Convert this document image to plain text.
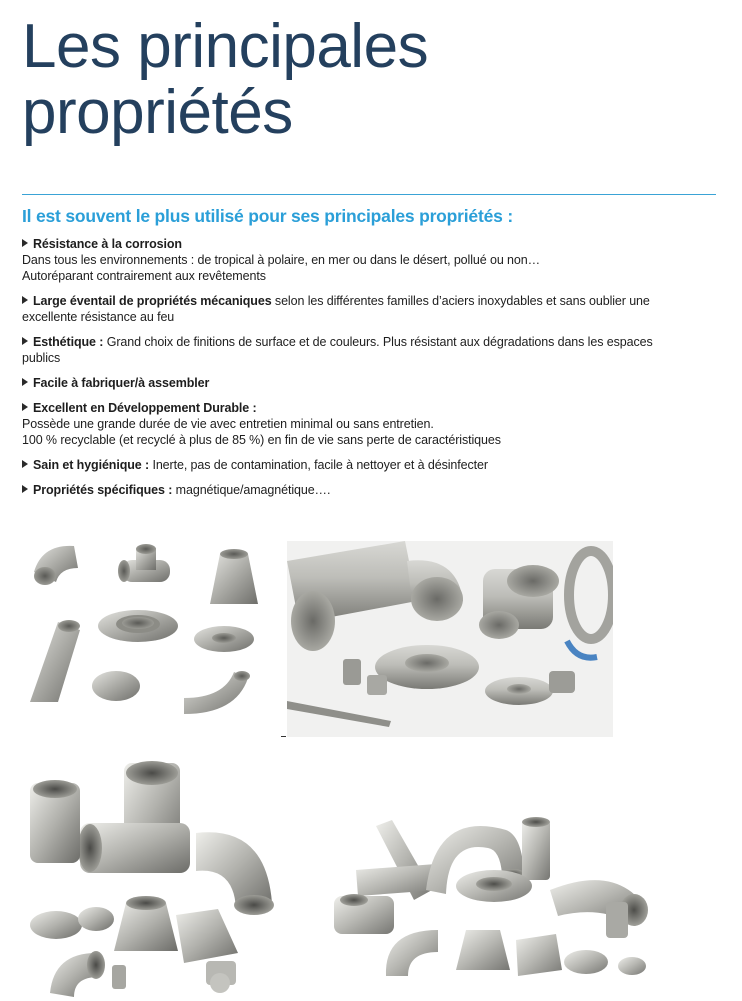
Les principales
propriétés
Il est souvent le plus utilisé pour ses principales propriétés :
Résistance à la corrosion
Dans tous les environnements : de tropical à polaire, en mer ou dans le désert, pollué ou non…
Autoréparant contrairement aux revêtements
Large éventail de propriétés mécaniques selon les différentes familles d’aciers inoxydables et sans oublier une excellente résistance au feu
Esthétique : Grand choix de finitions de surface et de couleurs. Plus résistant aux dégradations dans les espaces publics
Facile à fabriquer/à assembler
Excellent en Développement Durable :
Possède une grande durée de vie avec entretien minimal ou sans entretien.
100 % recyclable (et recyclé à plus de 85 %) en fin de vie sans perte de caractéristiques
Sain et hygiénique : Inerte, pas de contamination, facile à nettoyer et à désinfecter
Propriétés spécifiques : magnétique/amagnétique….
